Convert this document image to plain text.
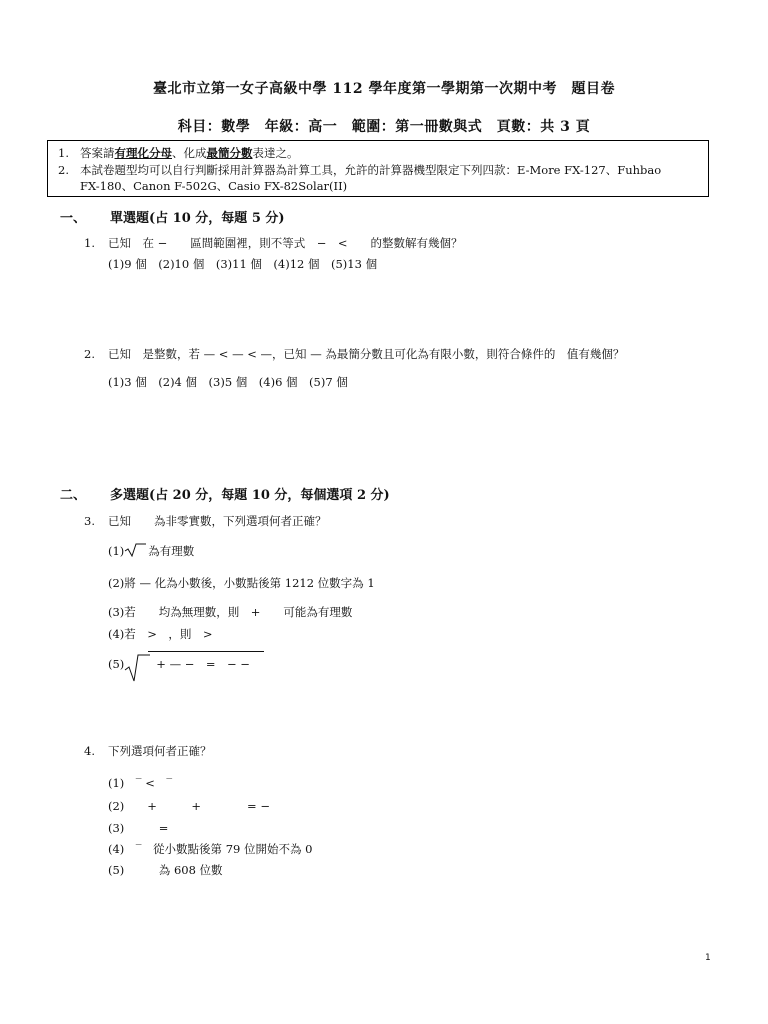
臺北市立第一女子高級中學 112 學年度第一學期第一次期中考　題目卷
科目：數學　年級：高一　範圍：第一冊數與式　頁數：共 3 頁
1. 答案請有理化分母、化成最簡分數表達之。
2. 本試卷題型均可以自行判斷採用計算器為計算工具，允許的計算器機型限定下列四款：E-More FX-127、Fuhbao
FX-180、Canon F-502G、Casio FX-82Solar(II)
一、 單選題(占 10 分，每題 5 分)
1. 已知　在 −　　區間範圍裡，則不等式　−　<　　的整數解有幾個？
(1)9 個　(2)10 個　(3)11 個　(4)12 個　(5)13 個
2. 已知　是整數，若 — < — < —，已知 — 為最簡分數且可化為有限小數，則符合條件的　值有幾個？
(1)3 個　(2)4 個　(3)5 個　(4)6 個　(5)7 個
二、 多選題(占 20 分，每題 10 分，每個選項 2 分)
3. 已知　　為非零實數，下列選項何者正確？
(1) 為有理數
(2)將 — 化為小數後，小數點後第 1212 位數字為 1
(3)若　　均為無理數，則　+　　可能為有理數
(4)若　>　，則　>
(5)	+ — −　=　− −
4. 下列選項何者正確？
(1)　‾ <　‾
(2)　　+　　　+　　　　= −
(3)　　　=
(4)　‾　從小數點後第 79 位開始不為 0
(5)　　　為 608 位數
1
